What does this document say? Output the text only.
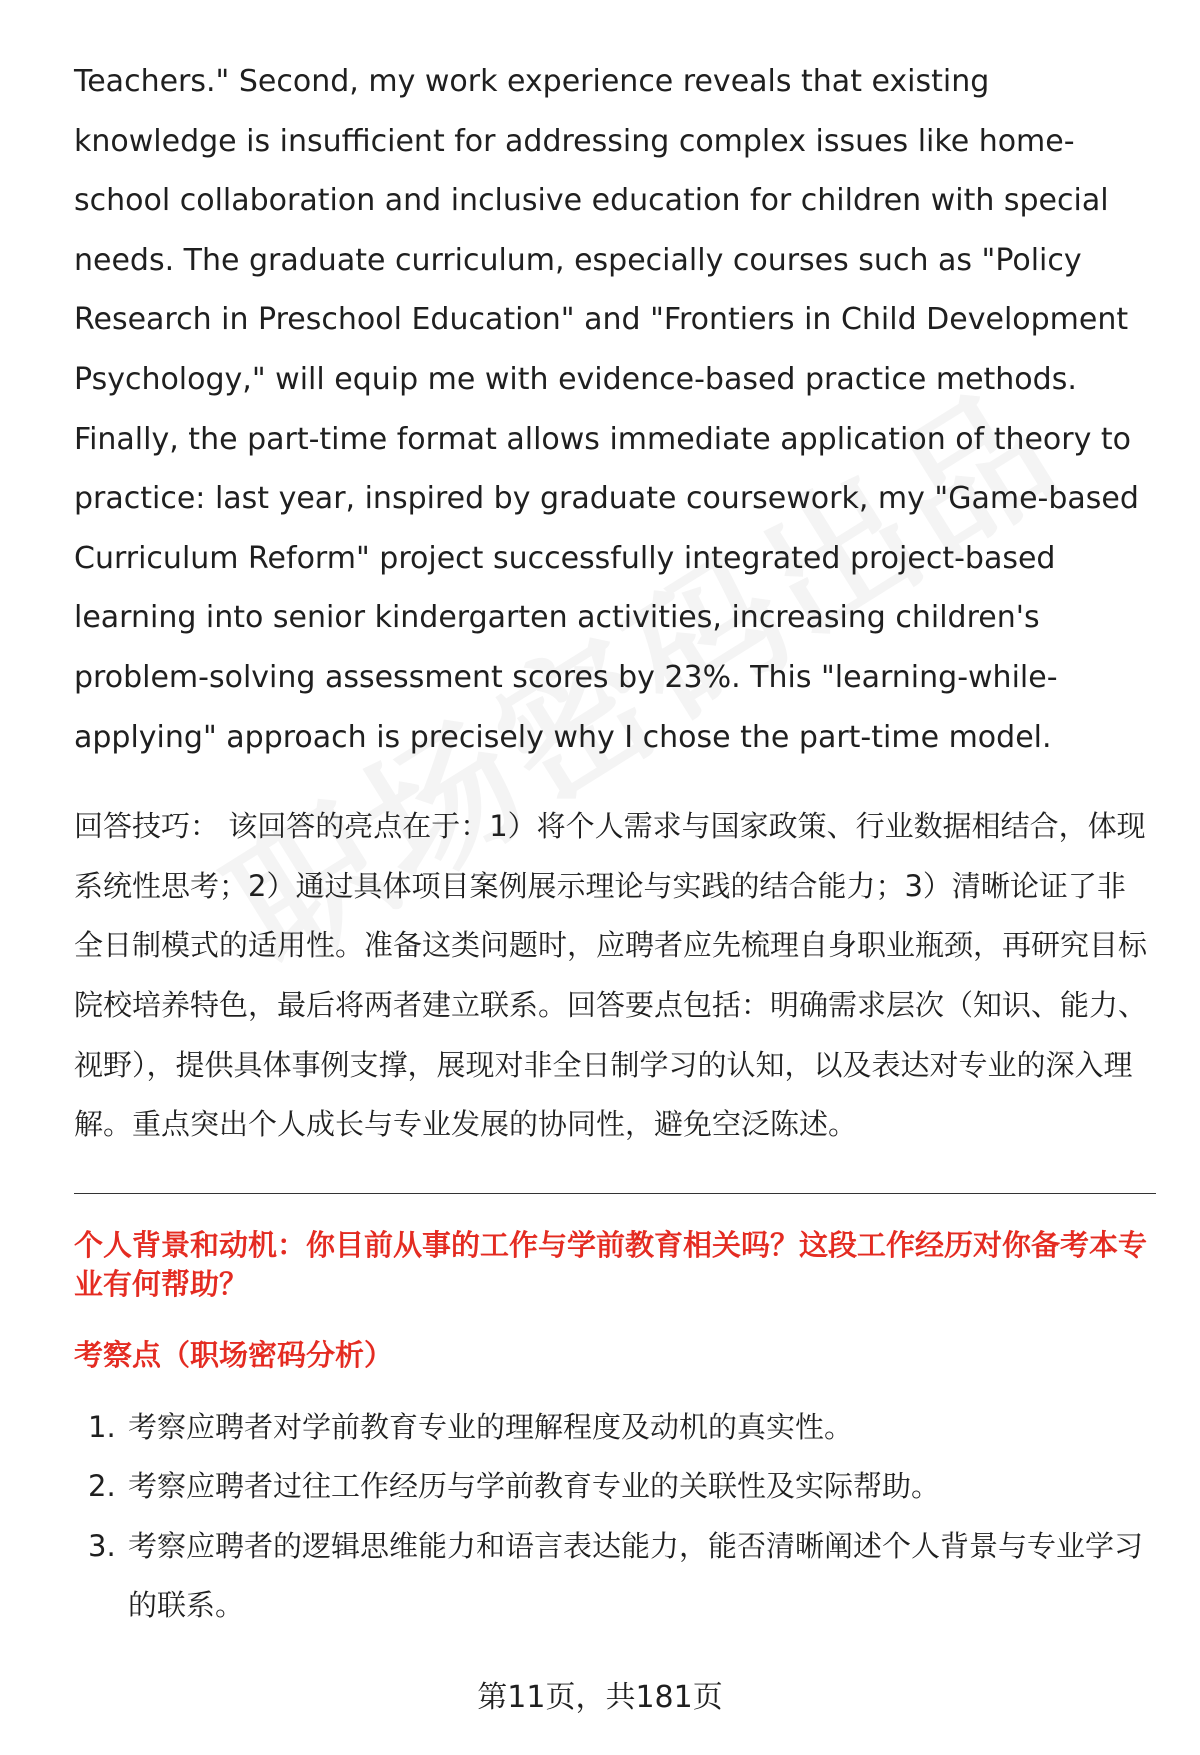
Teachers." Second, my work experience reveals that existing knowledge is insufficient for addressing complex issues like home-school collaboration and inclusive education for children with special needs. The graduate curriculum, especially courses such as "Policy Research in Preschool Education" and "Frontiers in Child Development Psychology," will equip me with evidence-based practice methods. Finally, the part-time format allows immediate application of theory to practice: last year, inspired by graduate coursework, my "Game-based Curriculum Reform" project successfully integrated project-based learning into senior kindergarten activities, increasing children's problem-solving assessment scores by 23%. This "learning-while-applying" approach is precisely why I chose the part-time model.

回答技巧： 该回答的亮点在于：1）将个人需求与国家政策、行业数据相结合，体现系统性思考；2）通过具体项目案例展示理论与实践的结合能力；3）清晰论证了非全日制模式的适用性。准备这类问题时，应聘者应先梳理自身职业瓶颈，再研究目标院校培养特色，最后将两者建立联系。回答要点包括：明确需求层次（知识、能力、视野），提供具体事例支撑，展现对非全日制学习的认知，以及表达对专业的深入理解。重点突出个人成长与专业发展的协同性，避免空泛陈述。

个人背景和动机：你目前从事的工作与学前教育相关吗？这段工作经历对你备考本专业有何帮助？

考察点（职场密码分析）

1. 考察应聘者对学前教育专业的理解程度及动机的真实性。
2. 考察应聘者过往工作经历与学前教育专业的关联性及实际帮助。
3. 考察应聘者的逻辑思维能力和语言表达能力，能否清晰阐述个人背景与专业学习的联系。
第11页，共181页
